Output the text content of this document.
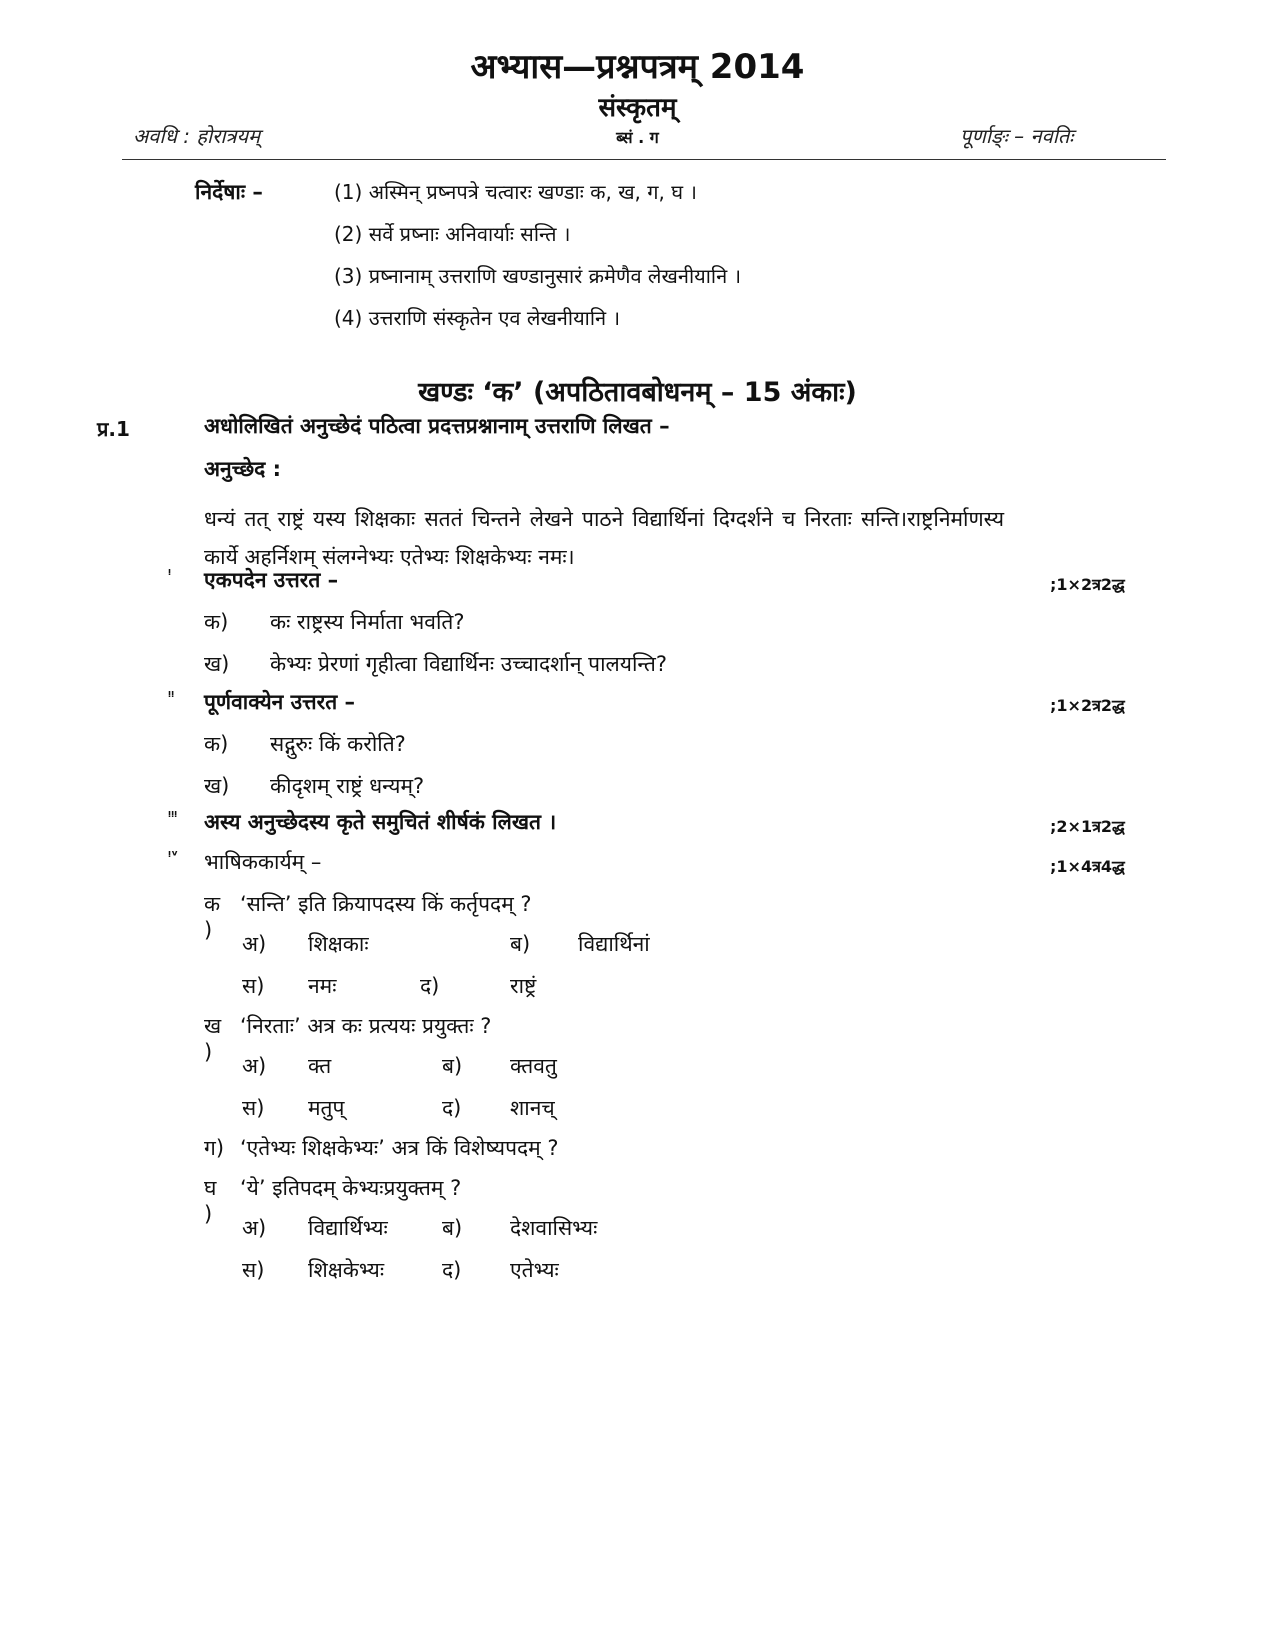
अभ्यास—प्रश्नपत्रम् 2014
संस्कृतम्
अवधि : होरात्रयम्	ब्सं . ग	पूर्णाङ्ः – नवतिः
निर्देषाः –	(1) अस्मिन् प्रष्नपत्रे चत्वारः खण्डाः क, ख, ग, घ ।
(2) सर्वे प्रष्नाः अनिवार्याः सन्ति ।
(3) प्रष्नानाम् उत्तराणि खण्डानुसारं क्रमेणैव लेखनीयानि ।
(4) उत्तराणि संस्कृतेन एव लेखनीयानि ।
खण्डः ‘क’ (अपठितावबोधनम् – 15 अंकाः)
प्र.1	अधोलिखितं अनुच्छेदं पठित्वा प्रदत्तप्रश्नानाम् उत्तराणि लिखत –
अनुच्छेद :
धन्यं तत् राष्ट्रं यस्य शिक्षकाः सततं चिन्तने लेखने पाठने विद्यार्थिनां दिग्दर्शने च निरताः सन्ति।राष्ट्रनिर्माणस्य कार्ये अहर्निशम् संलग्नेभ्यः एतेभ्यः शिक्षकेभ्यः नमः।
ᵎ एकपदेन उत्तरत –	;1×2त्र2द्ध
क) कः राष्ट्रस्य निर्माता भवति?
ख) केभ्यः प्रेरणां गृहीत्वा विद्यार्थिनः उच्चादर्शान् पालयन्ति?
ᵎᵎ पूर्णवाक्येन उत्तरत –	;1×2त्र2द्ध
क) सद्गुरुः किं करोति?
ख) कीदृशम् राष्ट्रं धन्यम्?
ᵎᵎᵎ अस्य अनुच्छेदस्य कृते समुचितं शीर्षकं लिखत ।	;2×1त्र2द्ध
ᵎᵛ भाषिककार्यम् –	;1×4त्र4द्ध
क
)
‘सन्ति’ इति क्रियापदस्य किं कर्तृपदम् ?
अ) शिक्षकाः	ब) विद्यार्थिनां
स) नमः	द)	राष्ट्रं
ख
)
‘निरताः’ अत्र कः प्रत्ययः प्रयुक्तः ?
अ) क्त	ब) क्तवतु
स) मतुप्	द) शानच्
ग) ‘एतेभ्यः शिक्षकेभ्यः’ अत्र किं विशेष्यपदम् ?
घ
)
‘ये’ इतिपदम् केभ्यःप्रयुक्तम् ?
अ) विद्यार्थिभ्यः	ब) देशवासिभ्यः
स) शिक्षकेभ्यः	द) एतेभ्यः
